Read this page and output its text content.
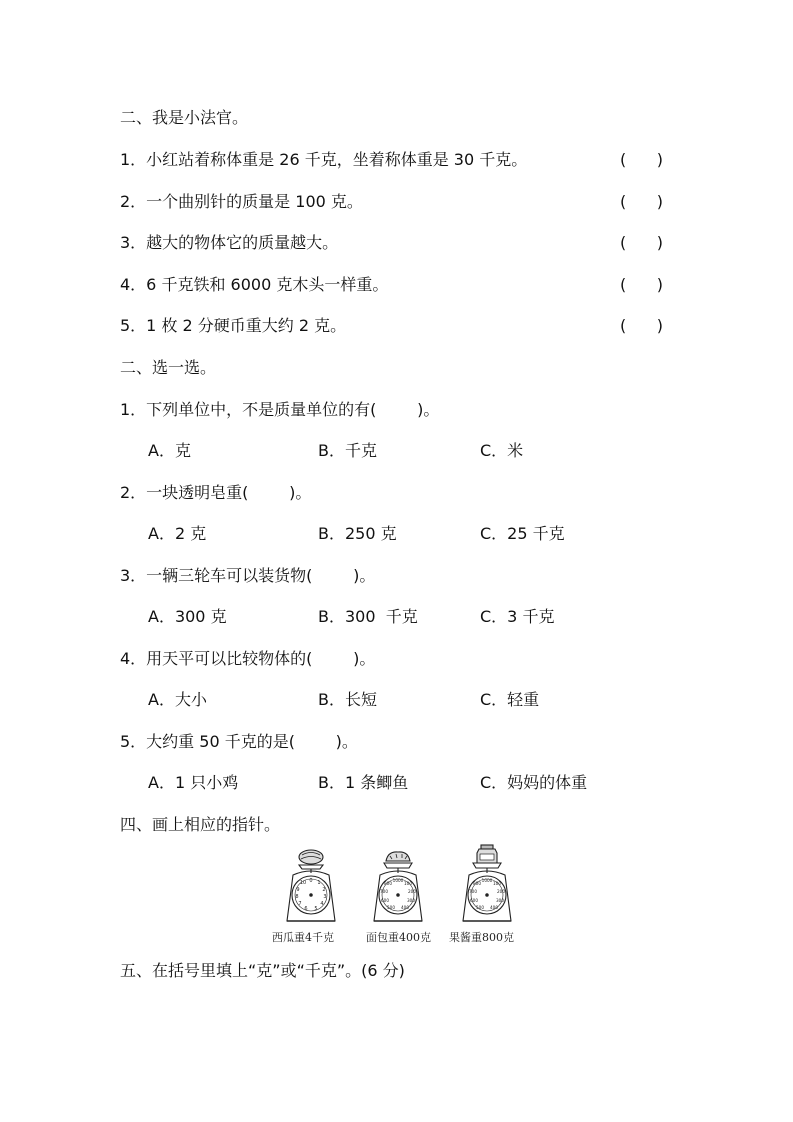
二、我是小法官。
1．小红站着称体重是 26 千克，坐着称体重是 30 千克。	(      )
2．一个曲别针的质量是 100 克。	(      )
3．越大的物体它的质量越大。	(      )
4．6 千克铁和 6000 克木头一样重。	(      )
5．1 枚 2 分硬币重大约 2 克。	(      )
二、选一选。
1．下列单位中，不是质量单位的有(        )。
A．克	B．千克	C．米
2．一块透明皂重(        )。
A．2 克	B．250 克	C．25 千克
3．一辆三轮车可以装货物(        )。
A．300 克	B．300  千克	C．3 千克
4．用天平可以比较物体的(        )。
A．大小	B．长短	C．轻重
5．大约重 50 千克的是(        )。
A．1 只小鸡	B．1 条鲫鱼	C．妈妈的体重
四、画上相应的指针。
0 1
2
3
4
5
6
7
8
9
10
西瓜重4千克
1000
100
200
300
400
500
600
700
800
面包重400克
1000
100
200
300
400
500
600
700
800
果酱重800克
五、在括号里填上“克”或“千克”。(6 分)
